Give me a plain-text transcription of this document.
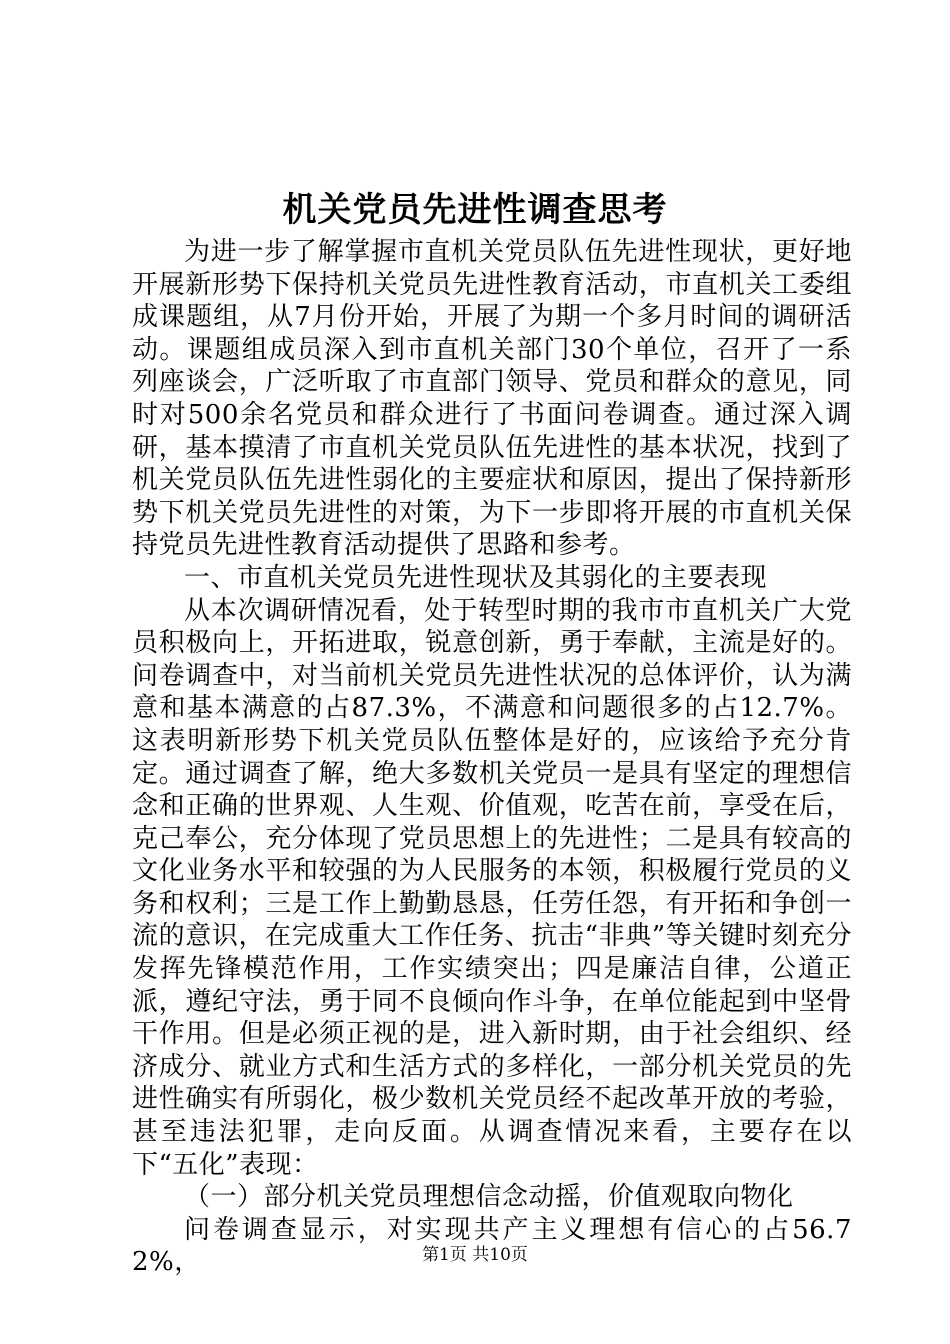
机关党员先进性调查思考

为进一步了解掌握市直机关党员队伍先进性现状，更好地开展新形势下保持机关党员先进性教育活动，市直机关工委组成课题组，从7月份开始，开展了为期一个多月时间的调研活动。课题组成员深入到市直机关部门30个单位，召开了一系列座谈会，广泛听取了市直部门领导、党员和群众的意见，同时对500余名党员和群众进行了书面问卷调查。通过深入调研，基本摸清了市直机关党员队伍先进性的基本状况，找到了机关党员队伍先进性弱化的主要症状和原因，提出了保持新形势下机关党员先进性的对策，为下一步即将开展的市直机关保持党员先进性教育活动提供了思路和参考。

一、市直机关党员先进性现状及其弱化的主要表现

从本次调研情况看，处于转型时期的我市市直机关广大党员积极向上，开拓进取，锐意创新，勇于奉献，主流是好的。问卷调查中，对当前机关党员先进性状况的总体评价，认为满意和基本满意的占87.3%，不满意和问题很多的占12.7%。这表明新形势下机关党员队伍整体是好的，应该给予充分肯定。通过调查了解，绝大多数机关党员一是具有坚定的理想信念和正确的世界观、人生观、价值观，吃苦在前，享受在后，克己奉公，充分体现了党员思想上的先进性；二是具有较高的文化业务水平和较强的为人民服务的本领，积极履行党员的义务和权利；三是工作上勤勤恳恳，任劳任怨，有开拓和争创一流的意识，在完成重大工作任务、抗击“非典”等关键时刻充分发挥先锋模范作用，工作实绩突出；四是廉洁自律，公道正派，遵纪守法，勇于同不良倾向作斗争，在单位能起到中坚骨干作用。但是必须正视的是，进入新时期，由于社会组织、经济成分、就业方式和生活方式的多样化，一部分机关党员的先进性确实有所弱化，极少数机关党员经不起改革开放的考验，甚至违法犯罪，走向反面。从调查情况来看，主要存在以下“五化”表现：

（一）部分机关党员理想信念动摇，价值观取向物化

问卷调查显示，对实现共产主义理想有信心的占56.72%，	第1页 共10页
